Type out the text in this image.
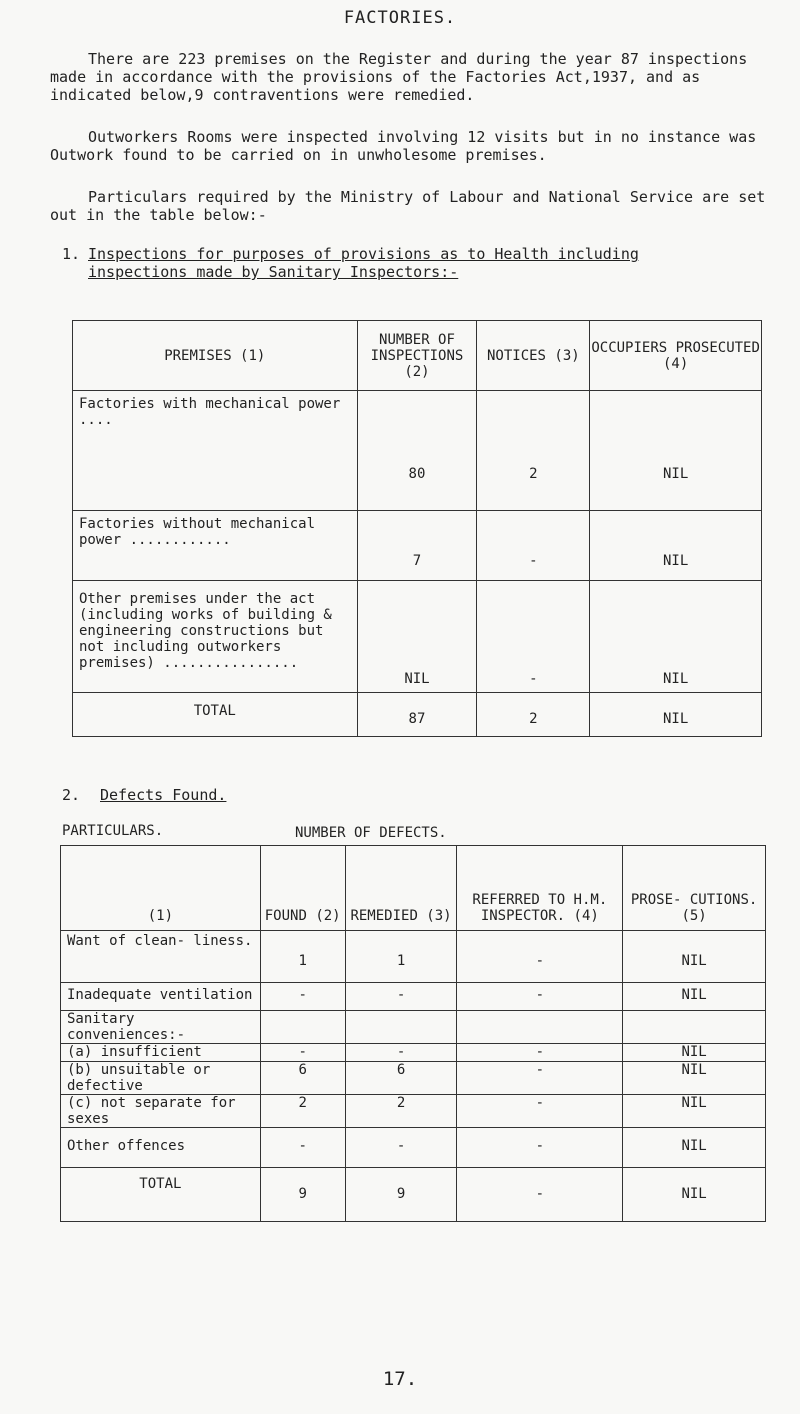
FACTORIES.
There are 223 premises on the Register and during the year 87 inspections made in accordance with the provisions of the Factories Act,1937, and as indicated below,9 contraventions were remedied.
Outworkers Rooms were inspected involving 12 visits but in no instance was Outwork found to be carried on in unwholesome premises.
Particulars required by the Ministry of Labour and National Service are set out in the table below:-
1. Inspections for purposes of provisions as to Health including inspections made by Sanitary Inspectors:-
PREMISES (1)	NUMBER OF INSPECTIONS (2)	NOTICES (3)	OCCUPIERS PROSECUTED (4)
Factories with mechanical power ....	80	2	NIL
Factories without mechanical power ............	7	-	NIL
Other premises under the act (including works of building & engineering constructions but not including outworkers premises) ................	NIL	-	NIL
TOTAL	87	2	NIL
2.	Defects Found.
PARTICULARS.	NUMBER OF DEFECTS.
(1)	FOUND (2)	REMEDIED (3)	REFERRED TO H.M. INSPECTOR. (4)	PROSE- CUTIONS. (5)
Want of clean- liness.	1	1	-	NIL
Inadequate ventilation	-	-	-	NIL
Sanitary conveniences:-				
(a) insufficient	-	-	-	NIL
(b) unsuitable or defective	6	6	-	NIL
(c) not separate for sexes	2	2	-	NIL
Other offences	-	-	-	NIL
TOTAL	9	9	-	NIL
17.
